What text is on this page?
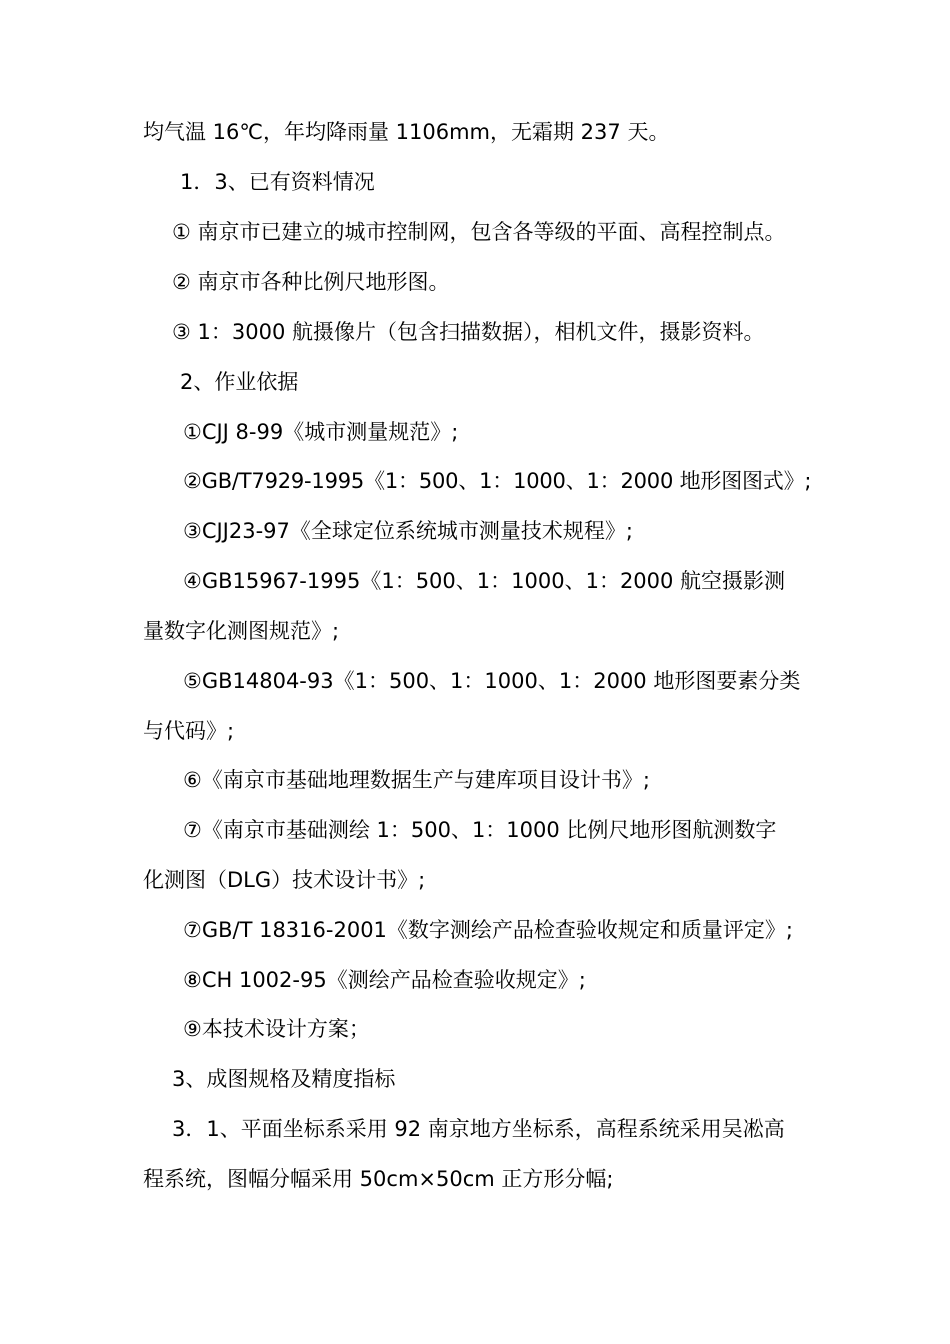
均气温 16℃，年均降雨量 1106mm，无霜期 237 天。
1．3、已有资料情况
① 南京市已建立的城市控制网，包含各等级的平面、高程控制点。
② 南京市各种比例尺地形图。
③ 1：3000 航摄像片（包含扫描数据），相机文件，摄影资料。
2、作业依据
①CJJ 8-99《城市测量规范》;
②GB/T7929-1995《1：500、1：1000、1：2000 地形图图式》;
③CJJ23-97《全球定位系统城市测量技术规程》;
④GB15967-1995《1：500、1：1000、1：2000 航空摄影测
量数字化测图规范》;
⑤GB14804-93《1：500、1：1000、1：2000 地形图要素分类
与代码》;
⑥《南京市基础地理数据生产与建库项目设计书》;
⑦《南京市基础测绘 1：500、1：1000 比例尺地形图航测数字
化测图（DLG）技术设计书》;
⑦GB/T 18316-2001《数字测绘产品检查验收规定和质量评定》;
⑧CH 1002-95《测绘产品检查验收规定》;
⑨本技术设计方案；
3、成图规格及精度指标
3．1、平面坐标系采用 92 南京地方坐标系，高程系统采用吴凇高
程系统，图幅分幅采用 50cm×50cm 正方形分幅;
